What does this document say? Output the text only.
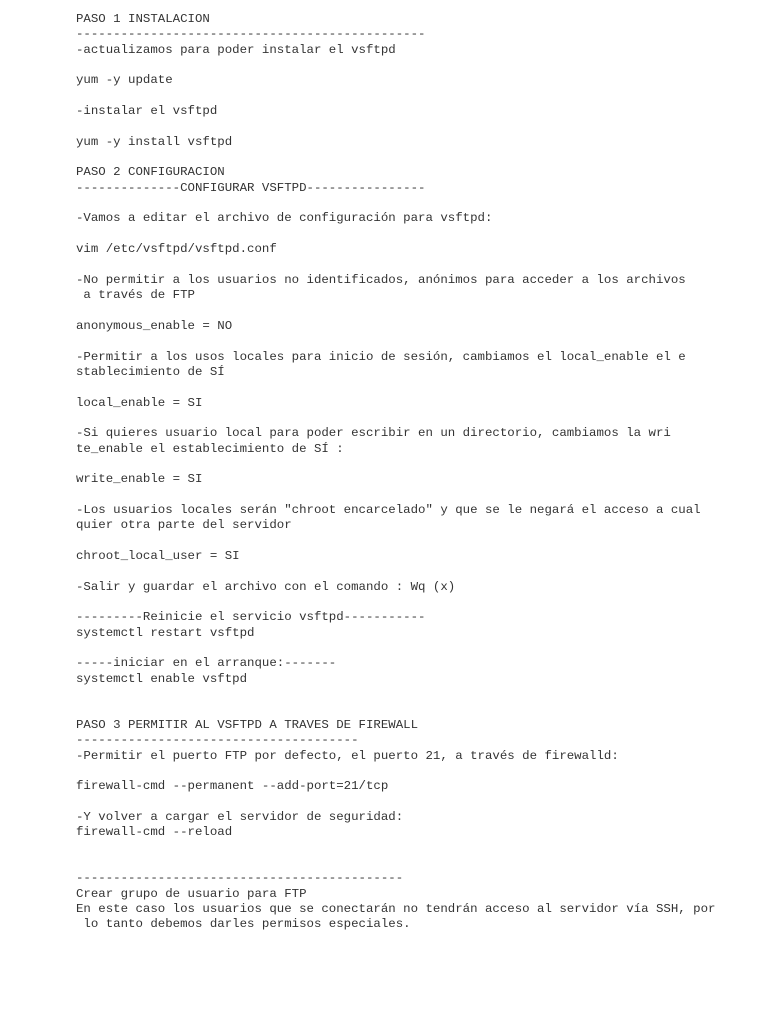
PASO 1 INSTALACION
-----------------------------------------------
-actualizamos para poder instalar el vsftpd
yum -y update
-instalar el vsftpd
yum -y install vsftpd
PASO 2 CONFIGURACION
--------------CONFIGURAR VSFTPD----------------
-Vamos a editar el archivo de configuración para vsftpd:
vim /etc/vsftpd/vsftpd.conf
-No permitir a los usuarios no identificados, anónimos para acceder a los archivos
a través de FTP
anonymous_enable = NO
-Permitir a los usos locales para inicio de sesión, cambiamos el local_enable el e
stablecimiento de SÍ
local_enable = SI
-Si quieres usuario local para poder escribir en un directorio, cambiamos la wri
te_enable el establecimiento de SÍ :
write_enable = SI
-Los usuarios locales serán "chroot encarcelado" y que se le negará el acceso a cual
quier otra parte del servidor
chroot_local_user = SI
-Salir y guardar el archivo con el comando : Wq (x)
---------Reinicie el servicio vsftpd-----------
systemctl restart vsftpd
-----iniciar en el arranque:-------
systemctl enable vsftpd
PASO 3 PERMITIR AL VSFTPD A TRAVES DE FIREWALL
--------------------------------------
-Permitir el puerto FTP por defecto, el puerto 21, a través de firewalld:
firewall-cmd --permanent --add-port=21/tcp
-Y volver a cargar el servidor de seguridad:
firewall-cmd --reload
--------------------------------------------
Crear grupo de usuario para FTP
En este caso los usuarios que se conectarán no tendrán acceso al servidor vía SSH, por
lo tanto debemos darles permisos especiales.
